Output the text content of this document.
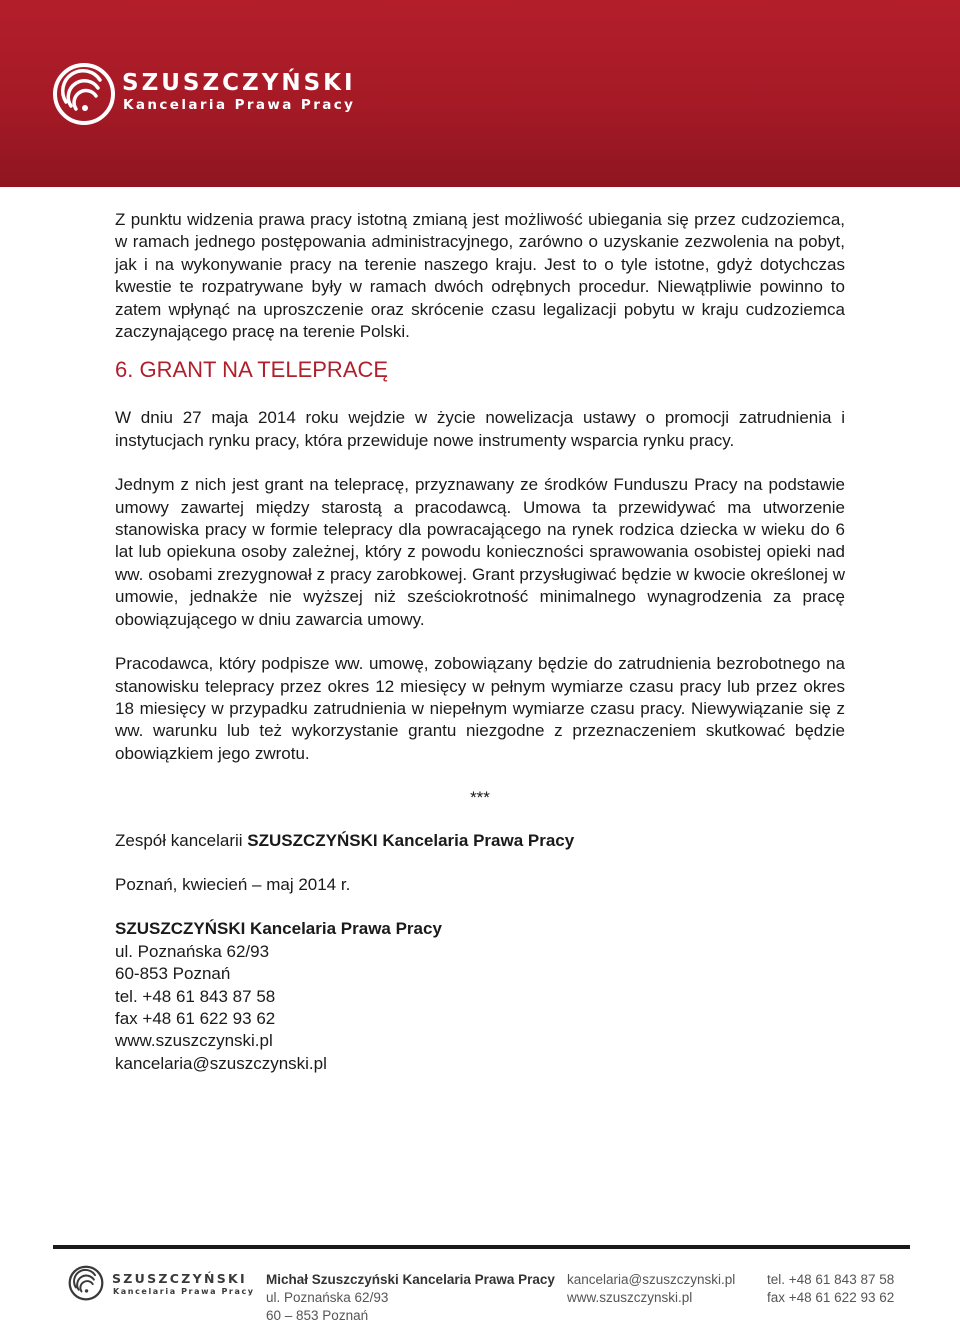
SZUSZCZYŃSKI
Kancelaria Prawa Pracy

Z punktu widzenia prawa pracy istotną zmianą jest możliwość ubiegania się przez cudzoziemca, w ramach jednego postępowania administracyjnego, zarówno o uzyskanie zezwolenia na pobyt, jak i na wykonywanie pracy na terenie naszego kraju. Jest to o tyle istotne, gdyż dotychczas kwestie te rozpatrywane były w ramach dwóch odrębnych procedur. Niewątpliwie powinno to zatem wpłynąć na uproszczenie oraz skrócenie czasu legalizacji pobytu w kraju cudzoziemca zaczynającego pracę na terenie Polski.

6. GRANT NA TELEPRACĘ

W dniu 27 maja 2014 roku wejdzie w życie nowelizacja ustawy o promocji zatrudnienia i instytucjach rynku pracy, która przewiduje nowe instrumenty wsparcia rynku pracy.

Jednym z nich jest grant na telepracę, przyznawany ze środków Funduszu Pracy na podstawie umowy zawartej między starostą a pracodawcą. Umowa ta przewidywać ma utworzenie stanowiska pracy w formie telepracy dla powracającego na rynek rodzica dziecka w wieku do 6 lat lub opiekuna osoby zależnej, który z powodu konieczności sprawowania osobistej opieki nad ww. osobami zrezygnował z pracy zarobkowej. Grant przysługiwać będzie w kwocie określonej w umowie, jednakże nie wyższej niż sześciokrotność minimalnego wynagrodzenia za pracę obowiązującego w dniu zawarcia umowy.

Pracodawca, który podpisze ww. umowę, zobowiązany będzie do zatrudnienia bezrobotnego na stanowisku telepracy przez okres 12 miesięcy w pełnym wymiarze czasu pracy lub przez okres 18 miesięcy w przypadku zatrudnienia w niepełnym wymiarze czasu pracy. Niewywiązanie się z ww. warunku lub też wykorzystanie grantu niezgodne z przeznaczeniem skutkować będzie obowiązkiem jego zwrotu.

***
Zespół kancelarii SZUSZCZYŃSKI Kancelaria Prawa Pracy
Poznań, kwiecień – maj 2014 r.
SZUSZCZYŃSKI Kancelaria Prawa Pracy
ul. Poznańska 62/93
60-853 Poznań
tel. +48 61 843 87 58
fax +48 61 622 93 62
www.szuszczynski.pl
kancelaria@szuszczynski.pl
SZUSZCZYŃSKI
Kancelaria Prawa Pracy
Michał Szuszczyński Kancelaria Prawa Pracy
ul. Poznańska 62/93
60 – 853 Poznań
kancelaria@szuszczynski.pl
www.szuszczynski.pl
tel. +48 61 843 87 58
fax +48 61 622 93 62
